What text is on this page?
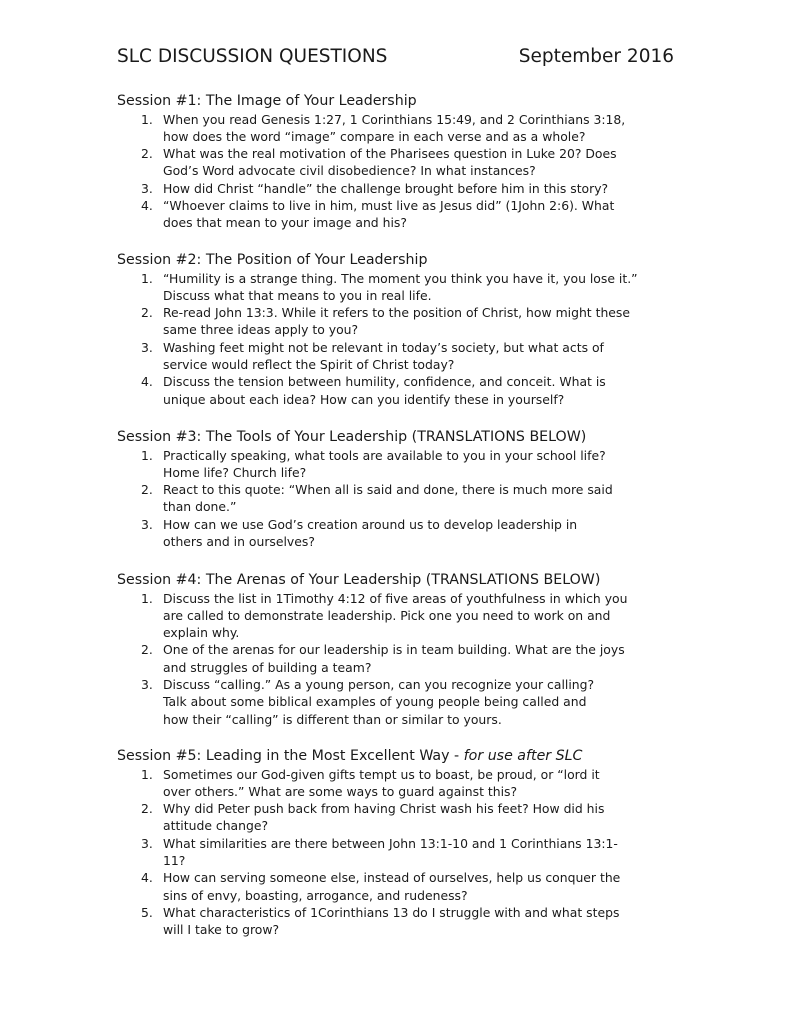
SLC DISCUSSION QUESTIONS	September 2016
Session #1: The Image of Your Leadership
1. When you read Genesis 1:27, 1 Corinthians 15:49, and 2 Corinthians 3:18,
how does the word “image” compare in each verse and as a whole?
2. What was the real motivation of the Pharisees question in Luke 20? Does
God’s Word advocate civil disobedience? In what instances?
3. How did Christ “handle” the challenge brought before him in this story?
4. “Whoever claims to live in him, must live as Jesus did” (1John 2:6). What
does that mean to your image and his?
Session #2: The Position of Your Leadership
1. “Humility is a strange thing. The moment you think you have it, you lose it.”
Discuss what that means to you in real life.
2. Re-read John 13:3. While it refers to the position of Christ, how might these
same three ideas apply to you?
3. Washing feet might not be relevant in today’s society, but what acts of
service would reflect the Spirit of Christ today?
4. Discuss the tension between humility, confidence, and conceit. What is
unique about each idea? How can you identify these in yourself?
Session #3: The Tools of Your Leadership (TRANSLATIONS BELOW)
1. Practically speaking, what tools are available to you in your school life?
Home life? Church life?
2. React to this quote: “When all is said and done, there is much more said
than done.”
3. How can we use God’s creation around us to develop leadership in
others and in ourselves?
Session #4: The Arenas of Your Leadership (TRANSLATIONS BELOW)
1. Discuss the list in 1Timothy 4:12 of five areas of youthfulness in which you
are called to demonstrate leadership. Pick one you need to work on and
explain why.
2. One of the arenas for our leadership is in team building. What are the joys
and struggles of building a team?
3. Discuss “calling.” As a young person, can you recognize your calling?
Talk about some biblical examples of young people being called and
how their “calling” is different than or similar to yours.
Session #5: Leading in the Most Excellent Way - for use after SLC
1. Sometimes our God-given gifts tempt us to boast, be proud, or “lord it
over others.” What are some ways to guard against this?
2. Why did Peter push back from having Christ wash his feet? How did his
attitude change?
3. What similarities are there between John 13:1-10 and 1 Corinthians 13:1-
11?
4. How can serving someone else, instead of ourselves, help us conquer the
sins of envy, boasting, arrogance, and rudeness?
5. What characteristics of 1Corinthians 13 do I struggle with and what steps
will I take to grow?
